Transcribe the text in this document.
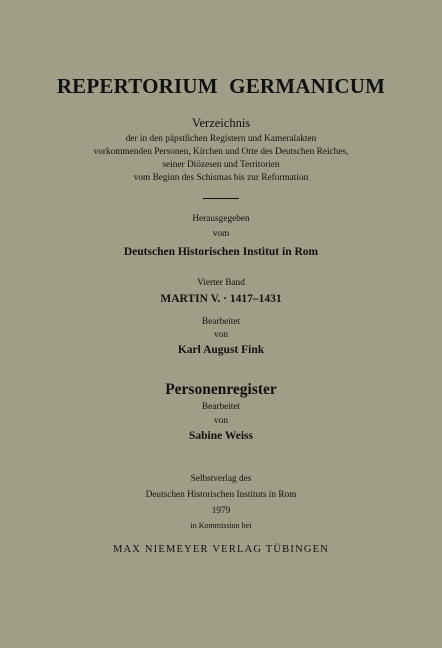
REPERTORIUM GERMANICUM
Verzeichnis
der in den päpstlichen Registern und Kameralakten
vorkommenden Personen, Kirchen und Orte des Deutschen Reiches,
seiner Diözesen und Territorien
vom Beginn des Schismas bis zur Reformation
Herausgegeben
vom
Deutschen Historischen Institut in Rom
Vierter Band
MARTIN V. · 1417–1431
Bearbeitet
von
Karl August Fink
Personenregister
Bearbeitet
von
Sabine Weiss
Selbstverlag des
Deutschen Historischen Instituts in Rom
1979
in Kommission bei
MAX NIEMEYER VERLAG TÜBINGEN
